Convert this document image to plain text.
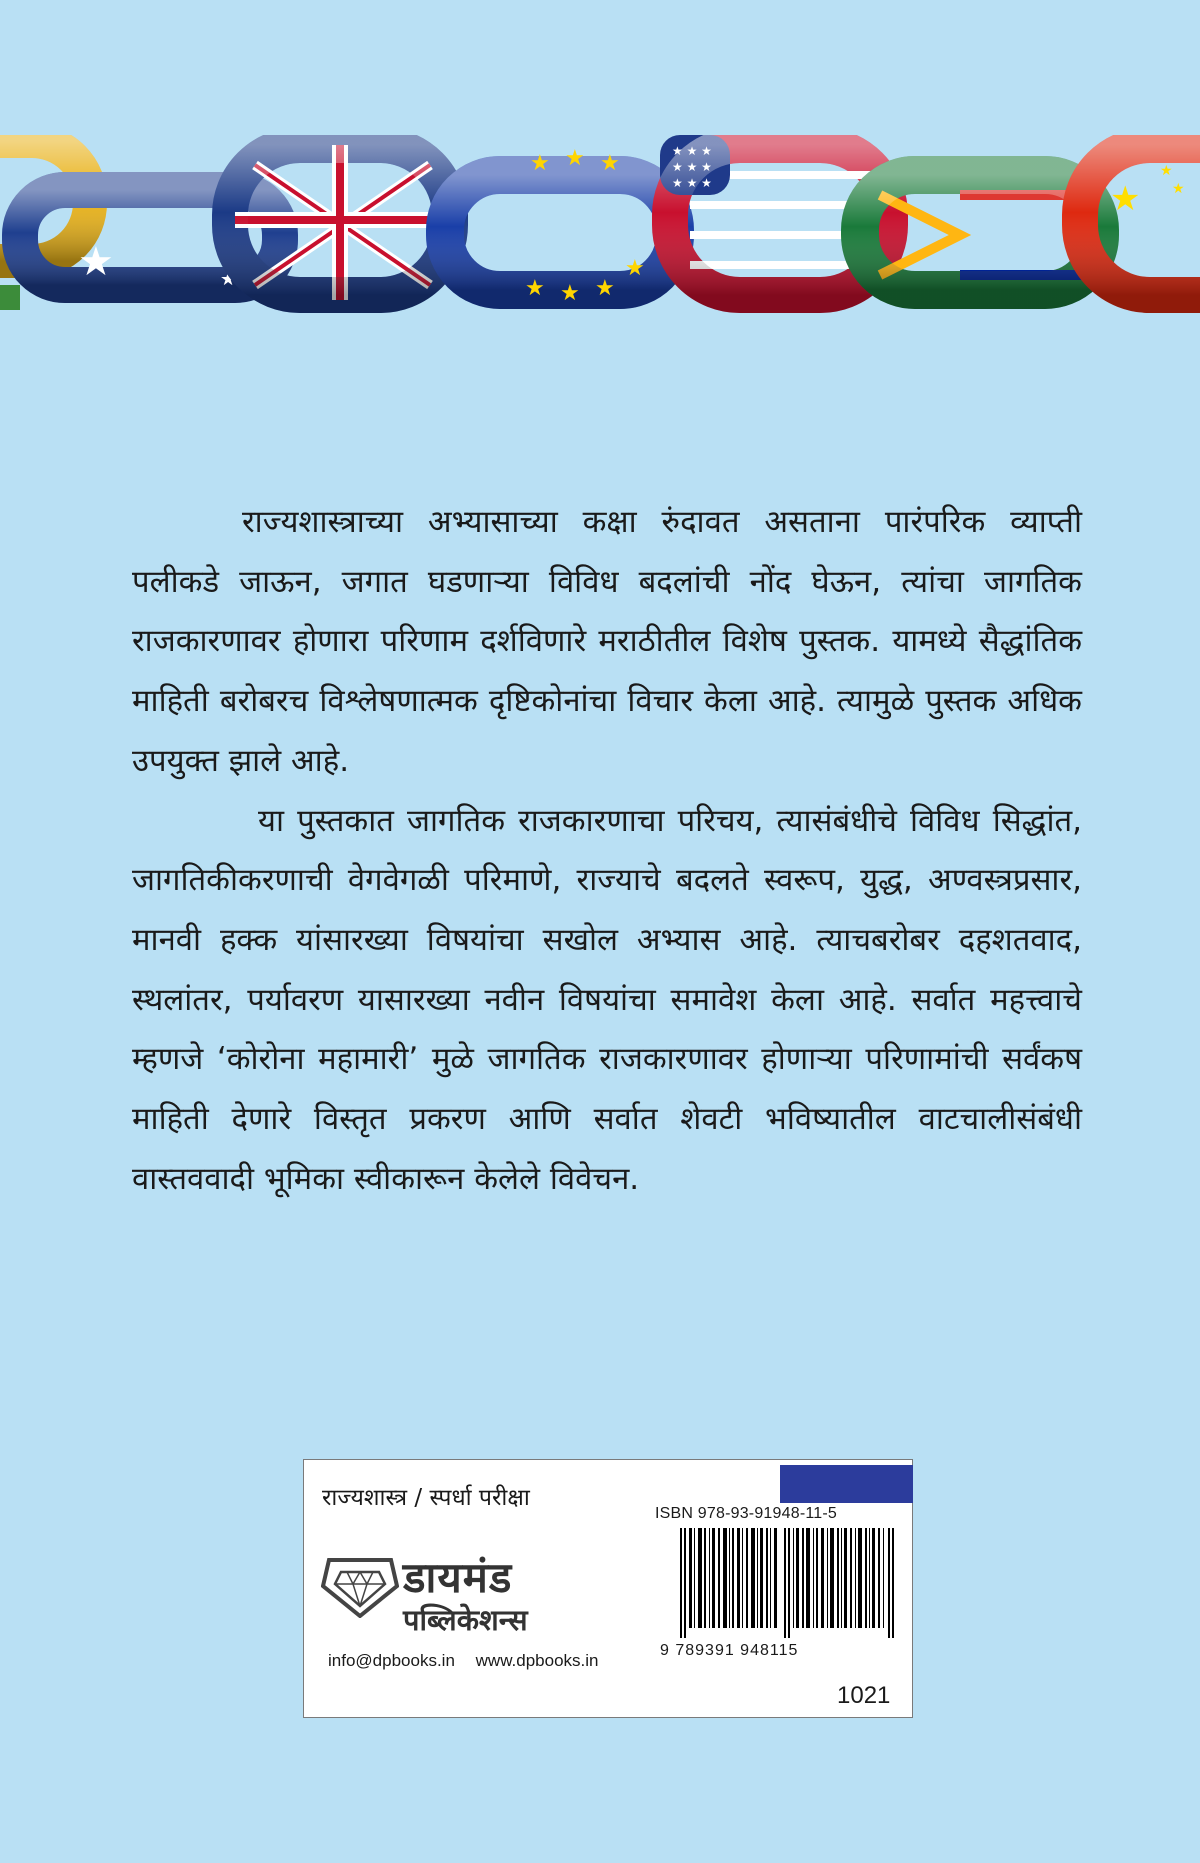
★	★
★ ★ ★
★ ★ ★
★
★ ★ ★
★ ★ ★
★ ★ ★	★
★
★

राज्यशास्त्राच्या अभ्यासाच्या कक्षा रुंदावत असताना पारंपरिक व्याप्ती पलीकडे जाऊन, जगात घडणाऱ्या विविध बदलांची नोंद घेऊन, त्यांचा जागतिक राजकारणावर होणारा परिणाम दर्शविणारे मराठीतील विशेष पुस्तक. यामध्ये सैद्धांतिक माहिती बरोबरच विश्लेषणात्मक दृष्टिकोनांचा विचार केला आहे. त्यामुळे पुस्तक अधिक उपयुक्त झाले आहे.

या पुस्तकात जागतिक राजकारणाचा परिचय, त्यासंबंधीचे विविध सिद्धांत, जागतिकीकरणाची वेगवेगळी परिमाणे, राज्याचे बदलते स्वरूप, युद्ध, अण्वस्त्रप्रसार, मानवी हक्क यांसारख्या विषयांचा सखोल अभ्यास आहे. त्याचबरोबर दहशतवाद, स्थलांतर, पर्यावरण यासारख्या नवीन विषयांचा समावेश केला आहे. सर्वात महत्त्वाचे म्हणजे ‘कोरोना महामारी’ मुळे जागतिक राजकारणावर होणाऱ्या परिणामांची सर्वंकष माहिती देणारे विस्तृत प्रकरण आणि सर्वात शेवटी भविष्यातील वाटचालीसंबंधी वास्तववादी भूमिका स्वीकारून केलेले विवेचन.

राज्यशास्त्र / स्पर्धा परीक्षा
ISBN 978-93-91948-11-5
9 789391 948115
1021
डायमंड
पब्लिकेशन्स
info@dpbooks.in www.dpbooks.in
